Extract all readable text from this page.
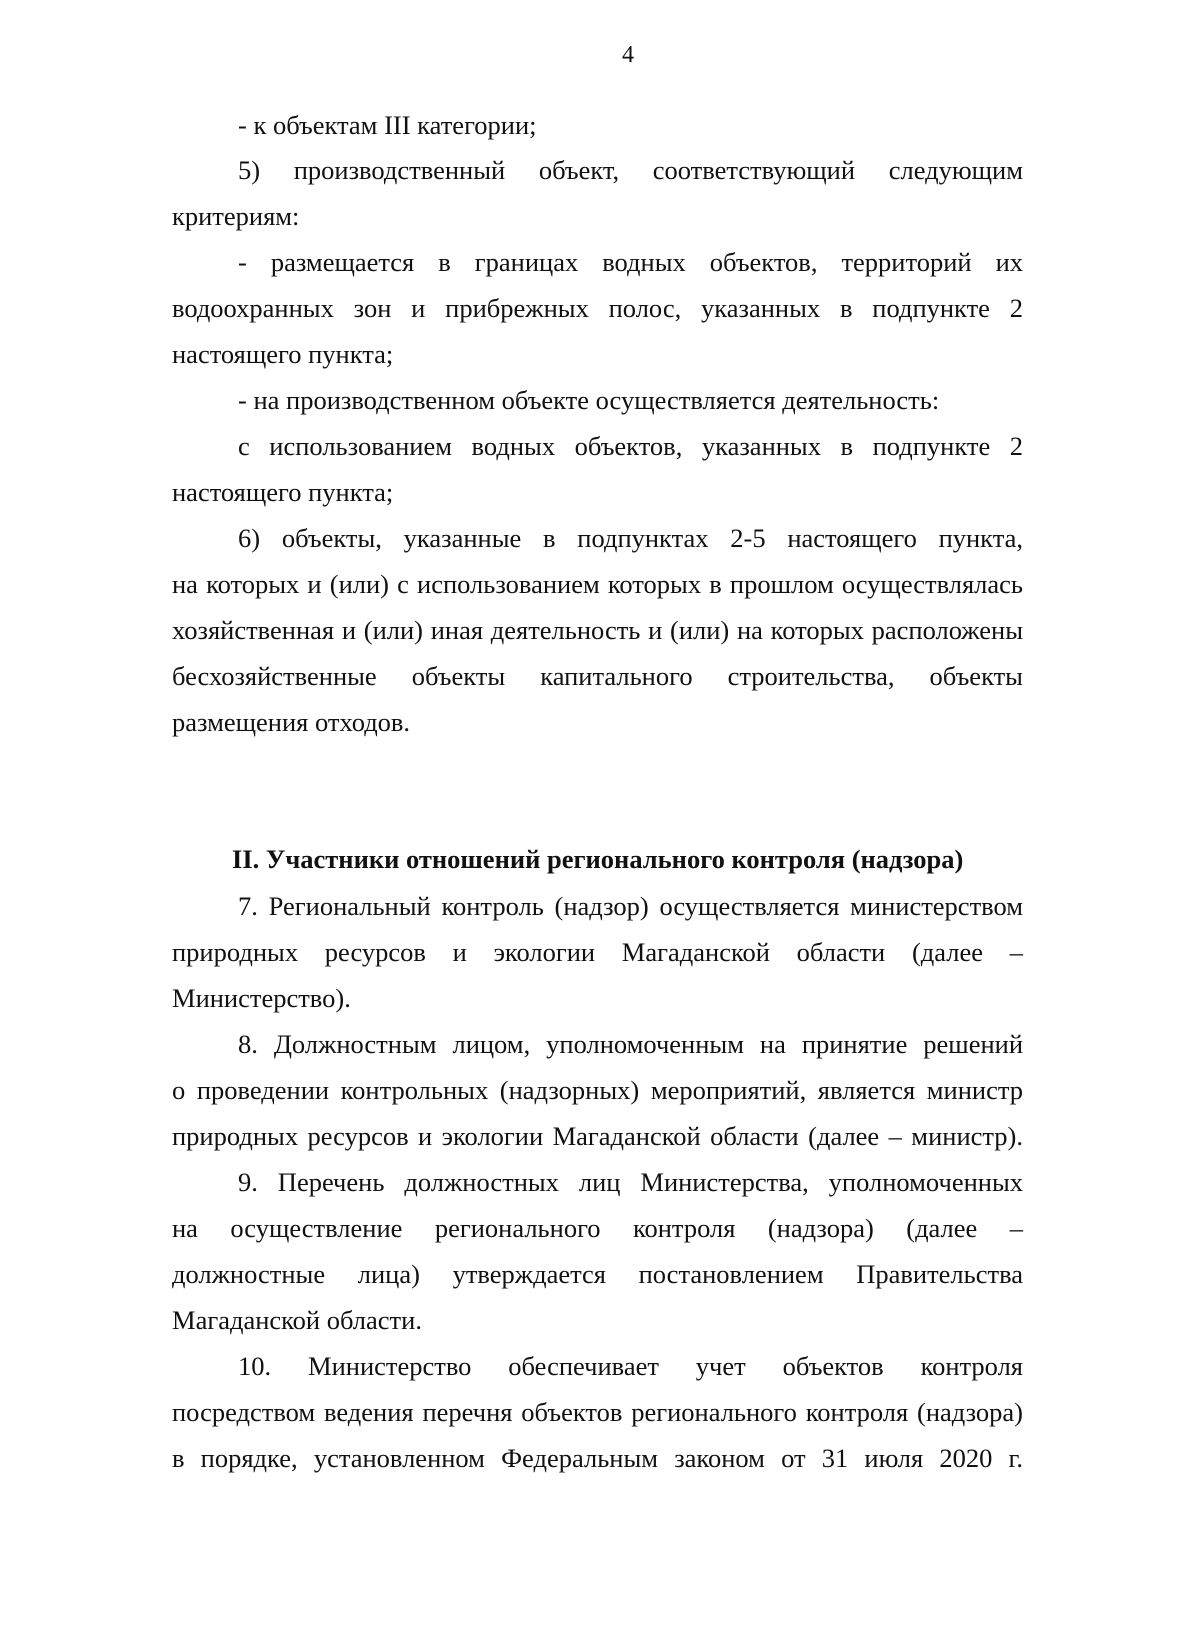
4
- к объектам III категории;
5) производственный объект, соответствующий следующим
критериям:
- размещается в границах водных объектов, территорий их
водоохранных зон и прибрежных полос, указанных в подпункте 2
настоящего пункта;
- на производственном объекте осуществляется деятельность:
с использованием водных объектов, указанных в подпункте 2
настоящего пункта;
6) объекты, указанные в подпунктах 2-5 настоящего пункта,
на которых и (или) с использованием которых в прошлом осуществлялась
хозяйственная и (или) иная деятельность и (или) на которых расположены
бесхозяйственные объекты капитального строительства, объекты
размещения отходов.
II. Участники отношений регионального контроля (надзора)
7. Региональный контроль (надзор) осуществляется министерством
природных ресурсов и экологии Магаданской области (далее –
Министерство).
8. Должностным лицом, уполномоченным на принятие решений
о проведении контрольных (надзорных) мероприятий, является министр
природных ресурсов и экологии Магаданской области (далее – министр).
9. Перечень должностных лиц Министерства, уполномоченных
на осуществление регионального контроля (надзора) (далее –
должностные лица) утверждается постановлением Правительства
Магаданской области.
10. Министерство обеспечивает учет объектов контроля
посредством ведения перечня объектов регионального контроля (надзора)
в порядке, установленном Федеральным законом от 31 июля 2020 г.
